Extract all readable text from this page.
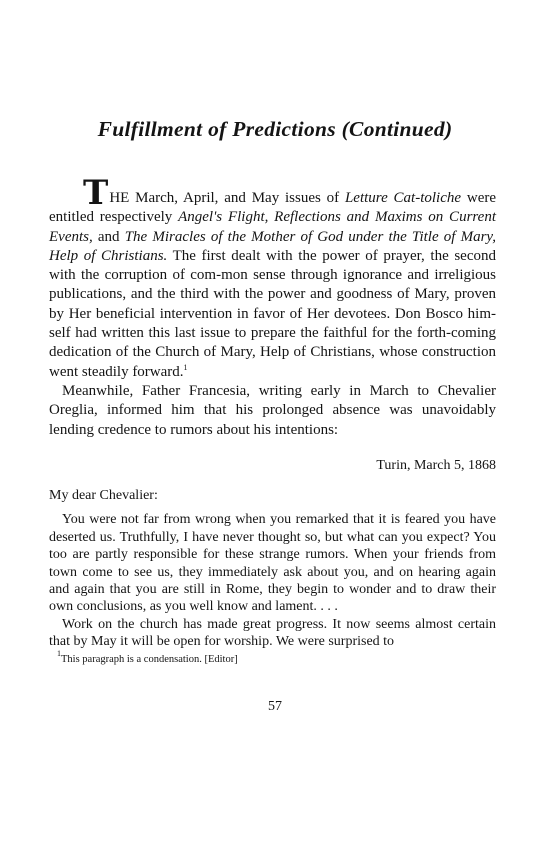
Fulfillment of Predictions (Continued)

THE March, April, and May issues of Letture Cat-toliche were entitled respectively Angel's Flight, Reflections and Maxims on Current Events, and The Miracles of the Mother of God under the Title of Mary, Help of Christians. The first dealt with the power of prayer, the second with the corruption of com-mon sense through ignorance and irreligious publications, and the third with the power and goodness of Mary, proven by Her beneficial intervention in favor of Her devotees. Don Bosco him-self had written this last issue to prepare the faithful for the forth-coming dedication of the Church of Mary, Help of Christians, whose construction went steadily forward.$^1$

Meanwhile, Father Francesia, writing early in March to Chevalier Oreglia, informed him that his prolonged absence was unavoidably lending credence to rumors about his intentions:

Turin, March 5, 1868

My dear Chevalier:

You were not far from wrong when you remarked that it is feared you have deserted us. Truthfully, I have never thought so, but what can you expect? You too are partly responsible for these strange rumors. When your friends from town come to see us, they immediately ask about you, and on hearing again and again that you are still in Rome, they begin to wonder and to draw their own conclusions, as you well know and lament. . . .

Work on the church has made great progress. It now seems almost certain that by May it will be open for worship. We were surprised to

$^1$This paragraph is a condensation. [Editor]
57
